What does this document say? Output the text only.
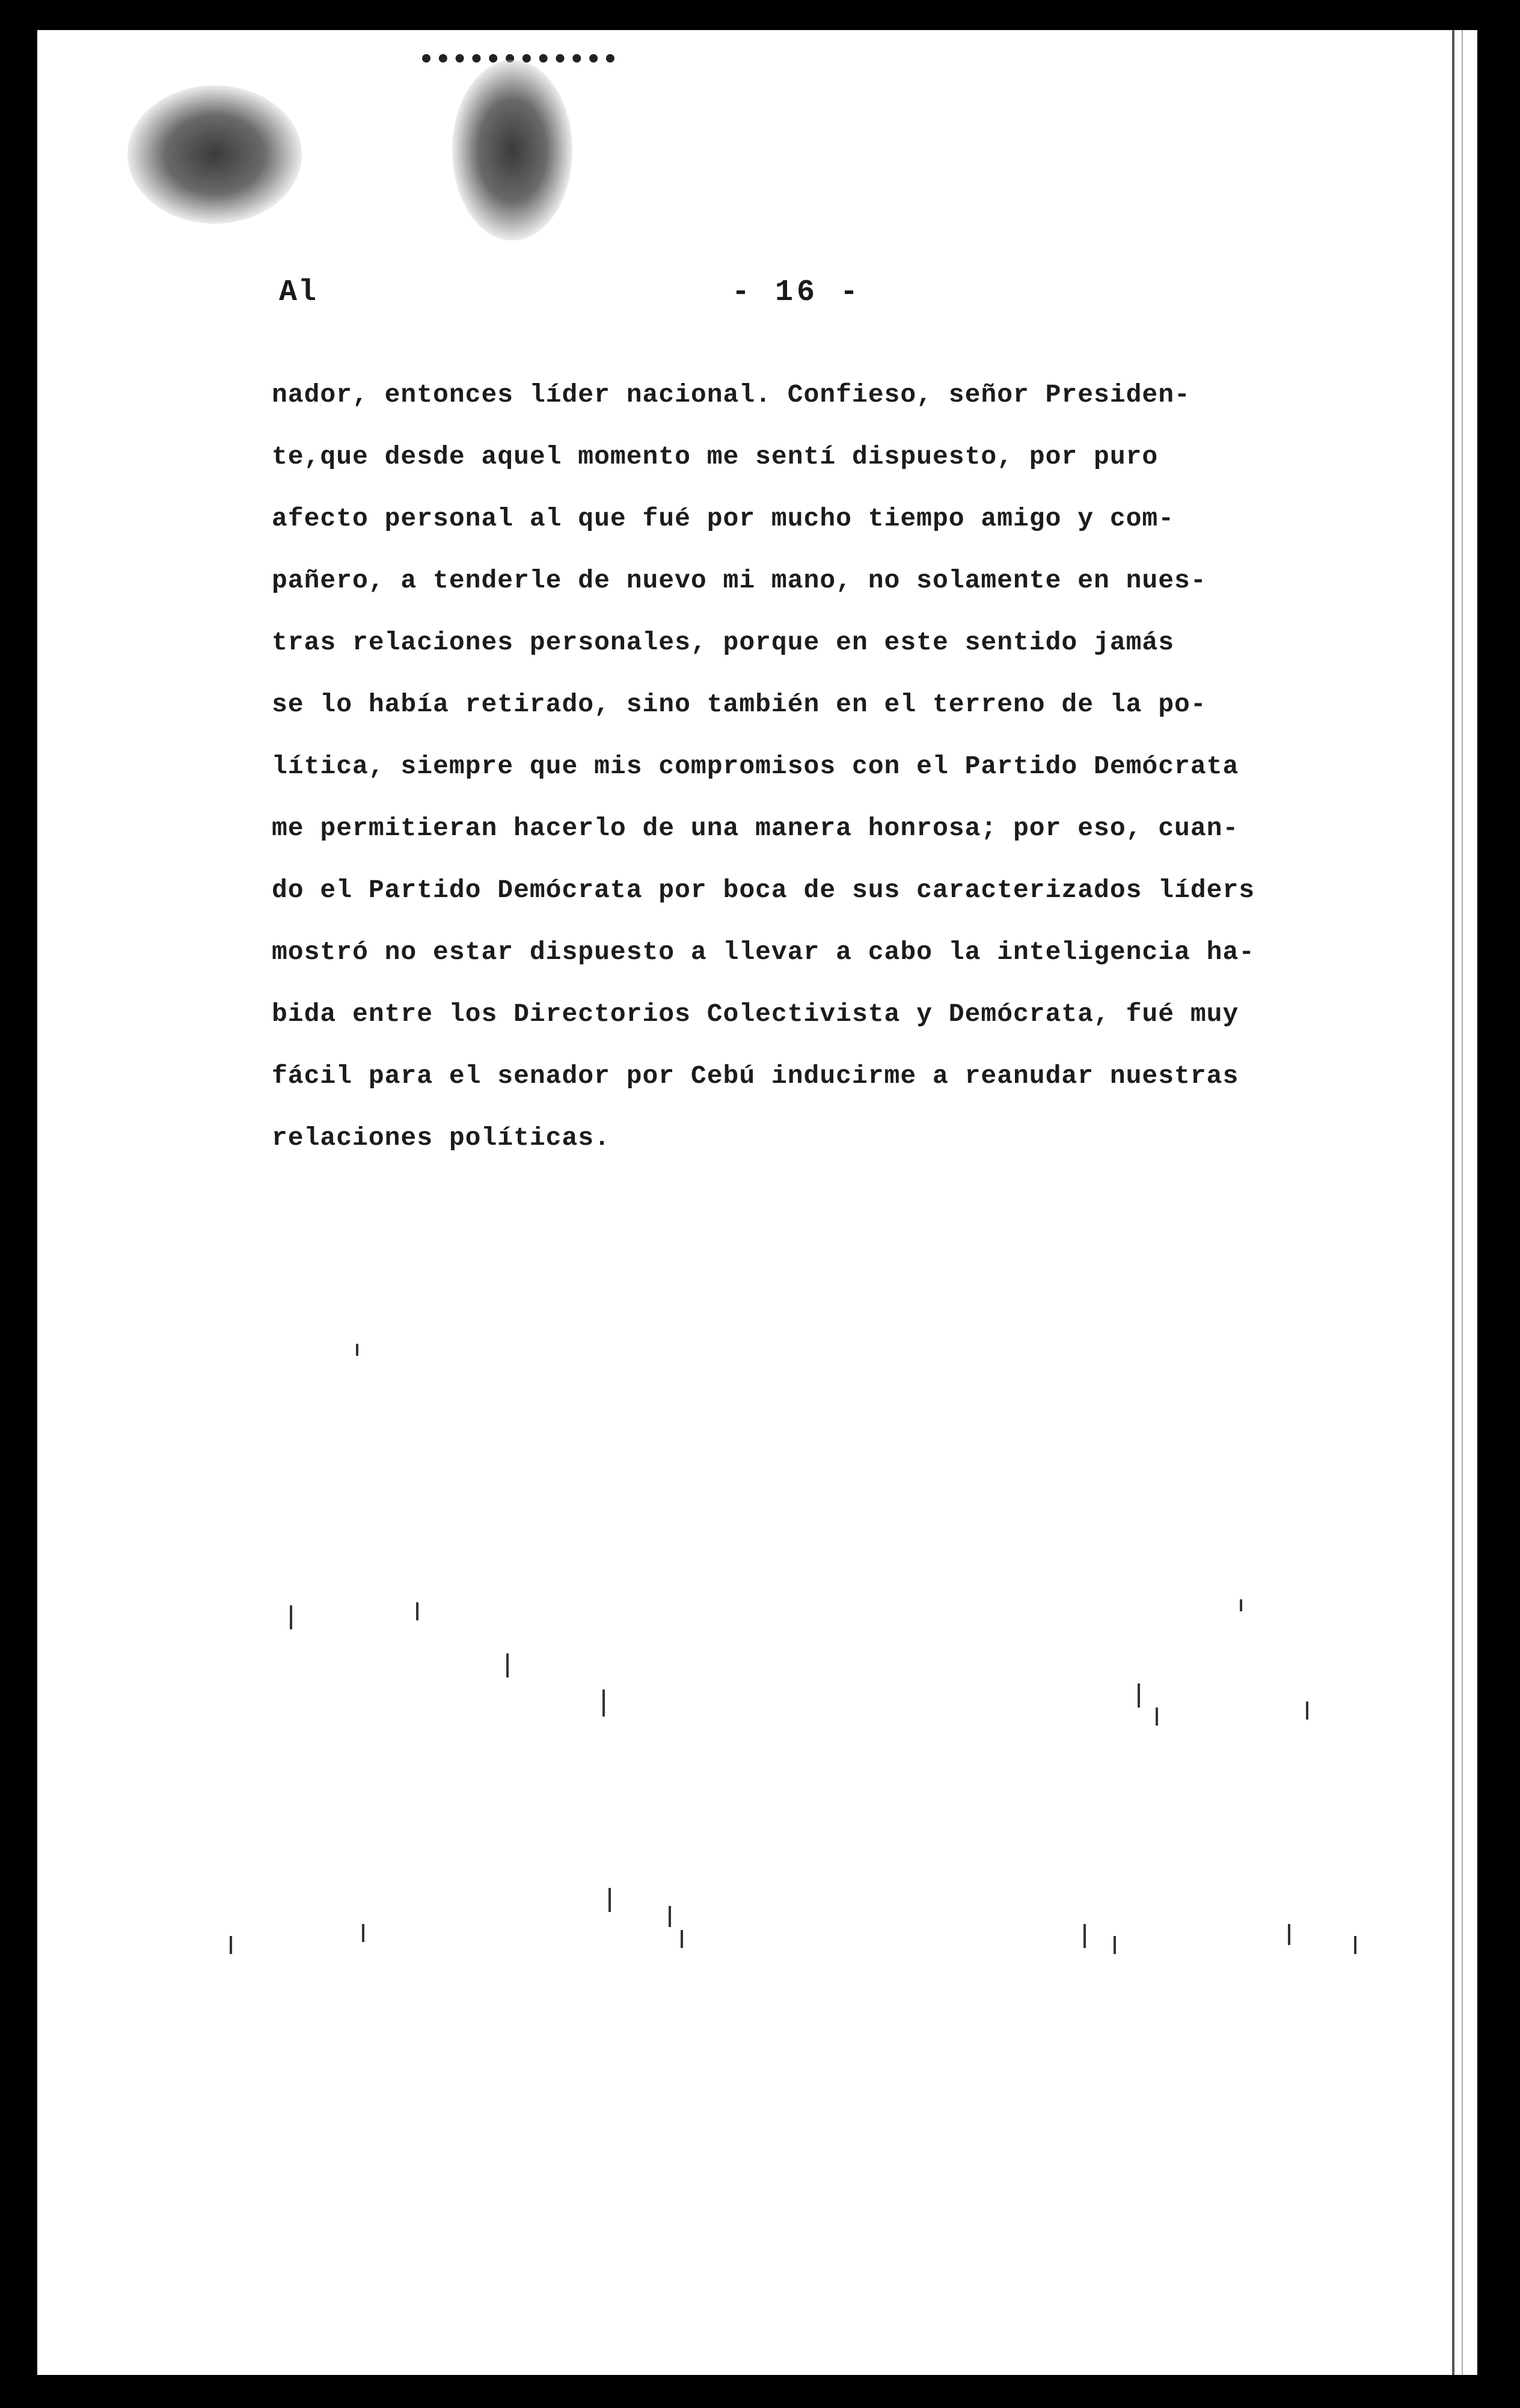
Al	- 16 -
nador, entonces líder nacional. Confieso, señor Presiden-
te,que desde aquel momento me sentí dispuesto, por puro
afecto personal al que fué por mucho tiempo amigo y com-
pañero, a tenderle de nuevo mi mano, no solamente en nues-
tras relaciones personales, porque en este sentido jamás
se lo había retirado, sino también en el terreno de la po-
lítica, siempre que mis compromisos con el Partido Demócrata
me permitieran hacerlo de una manera honrosa; por eso, cuan-
do el Partido Demócrata por boca de sus caracterizados líders
mostró no estar dispuesto a llevar a cabo la inteligencia ha-
bida entre los Directorios Colectivista y Demócrata, fué muy
fácil para el senador por Cebú inducirme a reanudar nuestras
relaciones políticas.
